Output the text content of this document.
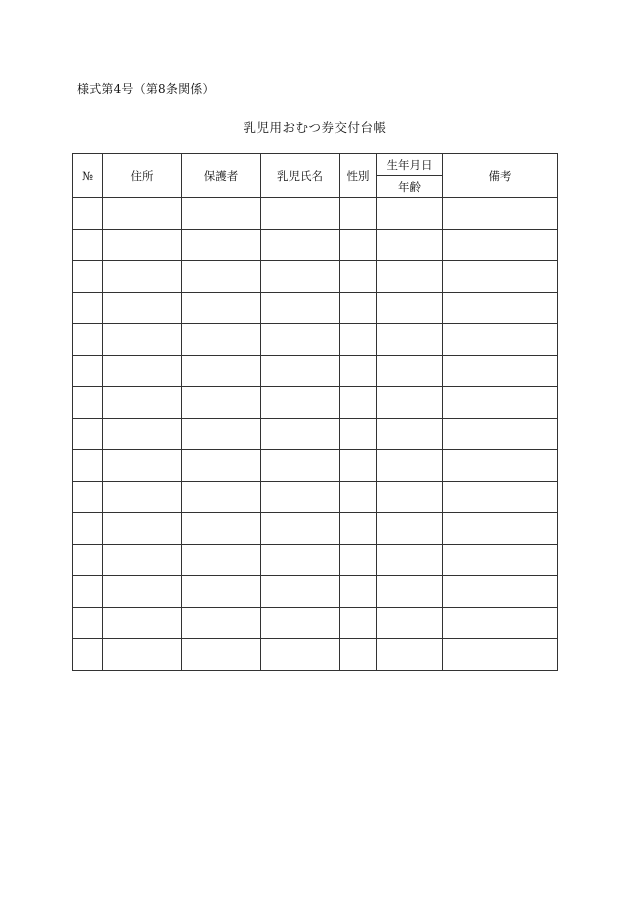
様式第4号（第8条関係）
乳児用おむつ券交付台帳
№	住所	保護者	乳児氏名	性別	生年月日	備考
					年齢	
